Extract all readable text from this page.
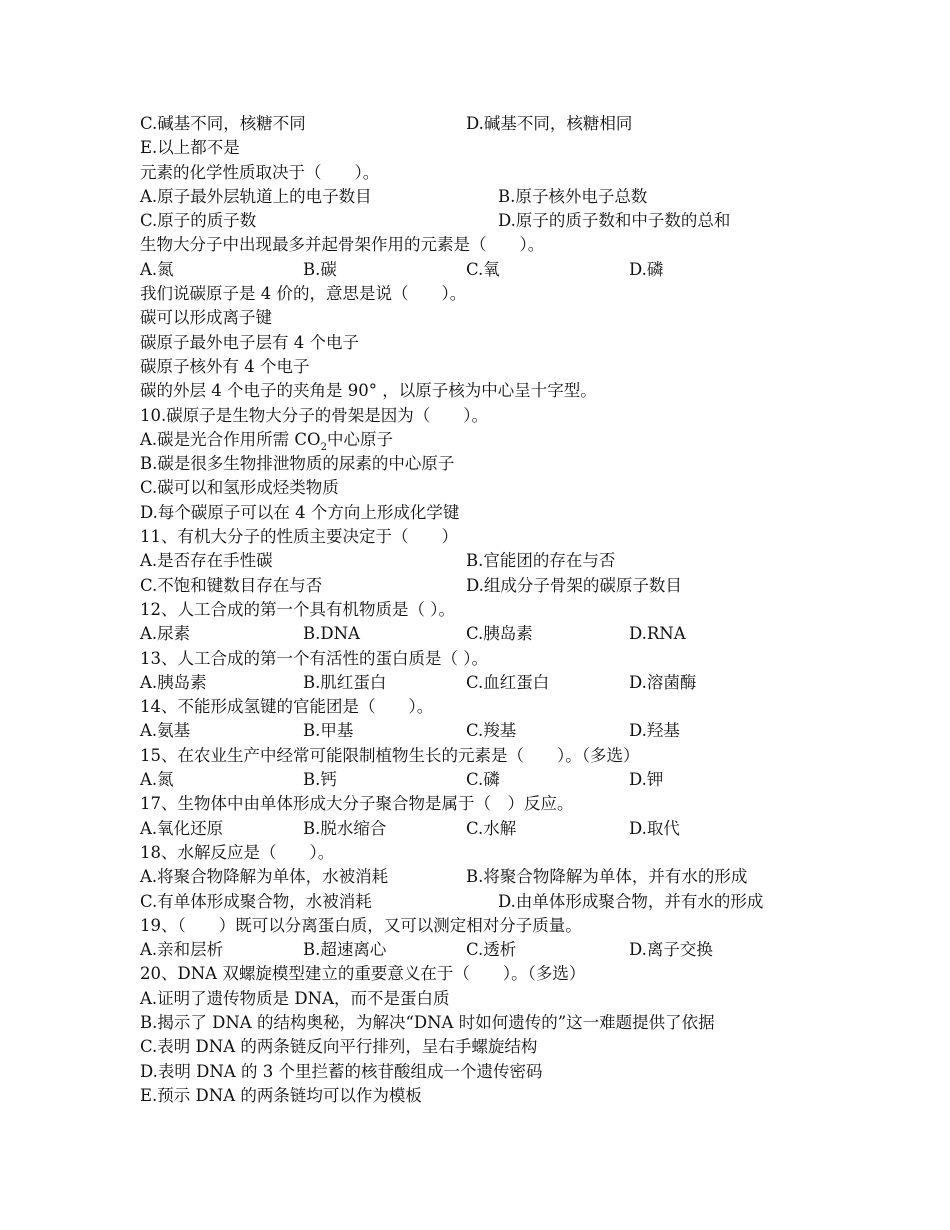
C.碱基不同，核糖不同	D.碱基不同，核糖相同
E.以上都不是
元素的化学性质取决于（　　）。
A.原子最外层轨道上的电子数目	B.原子核外电子总数
C.原子的质子数	D.原子的质子数和中子数的总和
生物大分子中出现最多并起骨架作用的元素是（　　）。
A.氮	B.碳	C.氧	D.磷
我们说碳原子是 4 价的，意思是说（　　）。
碳可以形成离子键
碳原子最外电子层有 4 个电子
碳原子核外有 4 个电子
碳的外层 4 个电子的夹角是 90° ，以原子核为中心呈十字型。
10.碳原子是生物大分子的骨架是因为（　　）。
A.碳是光合作用所需 $CO_2$中心原子
B.碳是很多生物排泄物质的尿素的中心原子
C.碳可以和氢形成烃类物质
D.每个碳原子可以在 4 个方向上形成化学键
11、有机大分子的性质主要决定于（　　）
A.是否存在手性碳	B.官能团的存在与否
C.不饱和键数目存在与否	D.组成分子骨架的碳原子数目
12、人工合成的第一个具有机物质是（ ）。
A.尿素	B.DNA	C.胰岛素	D.RNA
13、人工合成的第一个有活性的蛋白质是（ ）。
A.胰岛素	B.肌红蛋白	C.血红蛋白	D.溶菌酶
14、不能形成氢键的官能团是（　　）。
A.氨基	B.甲基	C.羧基	D.羟基
15、在农业生产中经常可能限制植物生长的元素是（　　）。（多选）
A.氮	B.钙	C.磷	D.钾
17、生物体中由单体形成大分子聚合物是属于（　）反应。
A.氧化还原	B.脱水缩合	C.水解	D.取代
18、水解反应是（　　）。
A.将聚合物降解为单体，水被消耗	B.将聚合物降解为单体，并有水的形成
C.有单体形成聚合物，水被消耗	D.由单体形成聚合物，并有水的形成
19、（　　）既可以分离蛋白质，又可以测定相对分子质量。
A.亲和层析	B.超速离心	C.透析	D.离子交换
20、DNA 双螺旋模型建立的重要意义在于（　　）。（多选）
A.证明了遗传物质是 DNA，而不是蛋白质
B.揭示了 DNA 的结构奥秘，为解决“DNA 时如何遗传的”这一难题提供了依据
C.表明 DNA 的两条链反向平行排列，呈右手螺旋结构
D.表明 DNA 的 3 个里拦蓄的核苷酸组成一个遗传密码
E.预示 DNA 的两条链均可以作为模板
